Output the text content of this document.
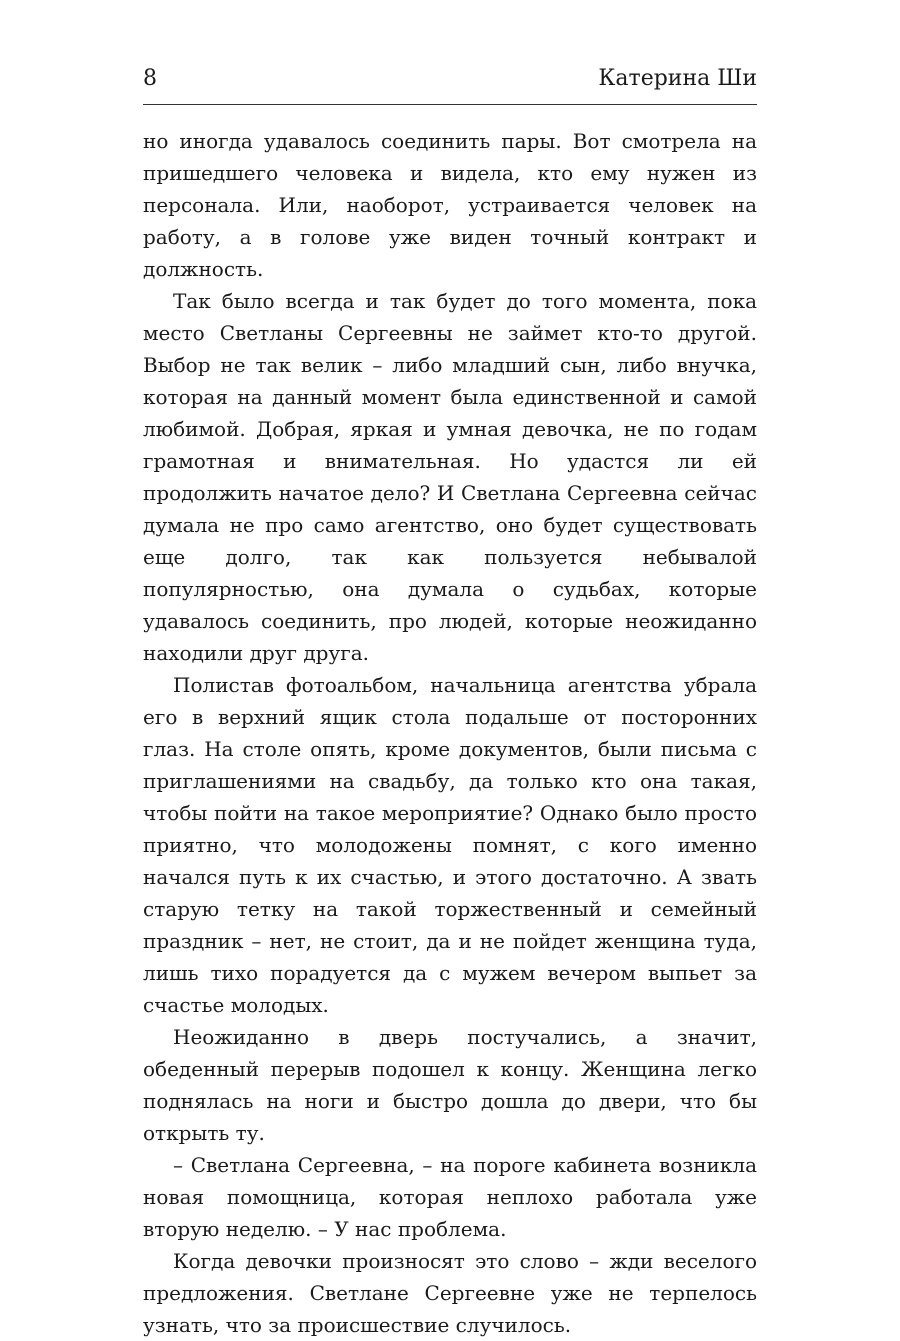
8	Катерина Ши

но иногда удавалось соединить пары. Вот смотрела на пришедшего человека и видела, кто ему нужен из персонала. Или, наоборот, устраивается человек на работу, а в голове уже виден точный контракт и должность.

Так было всегда и так будет до того момента, пока место Светланы Сергеевны не займет кто-то другой. Выбор не так велик – либо младший сын, либо внучка, которая на данный момент была единственной и самой любимой. Добрая, яркая и умная девочка, не по годам грамотная и внимательная. Но удастся ли ей продолжить начатое дело? И Светлана Сергеевна сейчас думала не про само агентство, оно будет существовать еще долго, так как пользуется небывалой популярностью, она думала о судьбах, которые удавалось соединить, про людей, которые неожиданно находили друг друга.

Полистав фотоальбом, начальница агентства убрала его в верхний ящик стола подальше от посторонних глаз. На столе опять, кроме документов, были письма с приглашениями на свадьбу, да только кто она такая, чтобы пойти на такое мероприятие? Однако было просто приятно, что молодожены помнят, с кого именно начался путь к их счастью, и этого достаточно. А звать старую тетку на такой торжественный и семейный праздник – нет, не стоит, да и не пойдет женщина туда, лишь тихо порадуется да с мужем вечером выпьет за счастье молодых.

Неожиданно в дверь постучались, а значит, обеденный перерыв подошел к концу. Женщина легко поднялась на ноги и быстро дошла до двери, что бы открыть ту.

– Светлана Сергеевна, – на пороге кабинета возникла новая помощница, которая неплохо работала уже вторую неделю. – У нас проблема.

Когда девочки произносят это слово – жди веселого предложения. Светлане Сергеевне уже не терпелось узнать, что за происшествие случилось.
